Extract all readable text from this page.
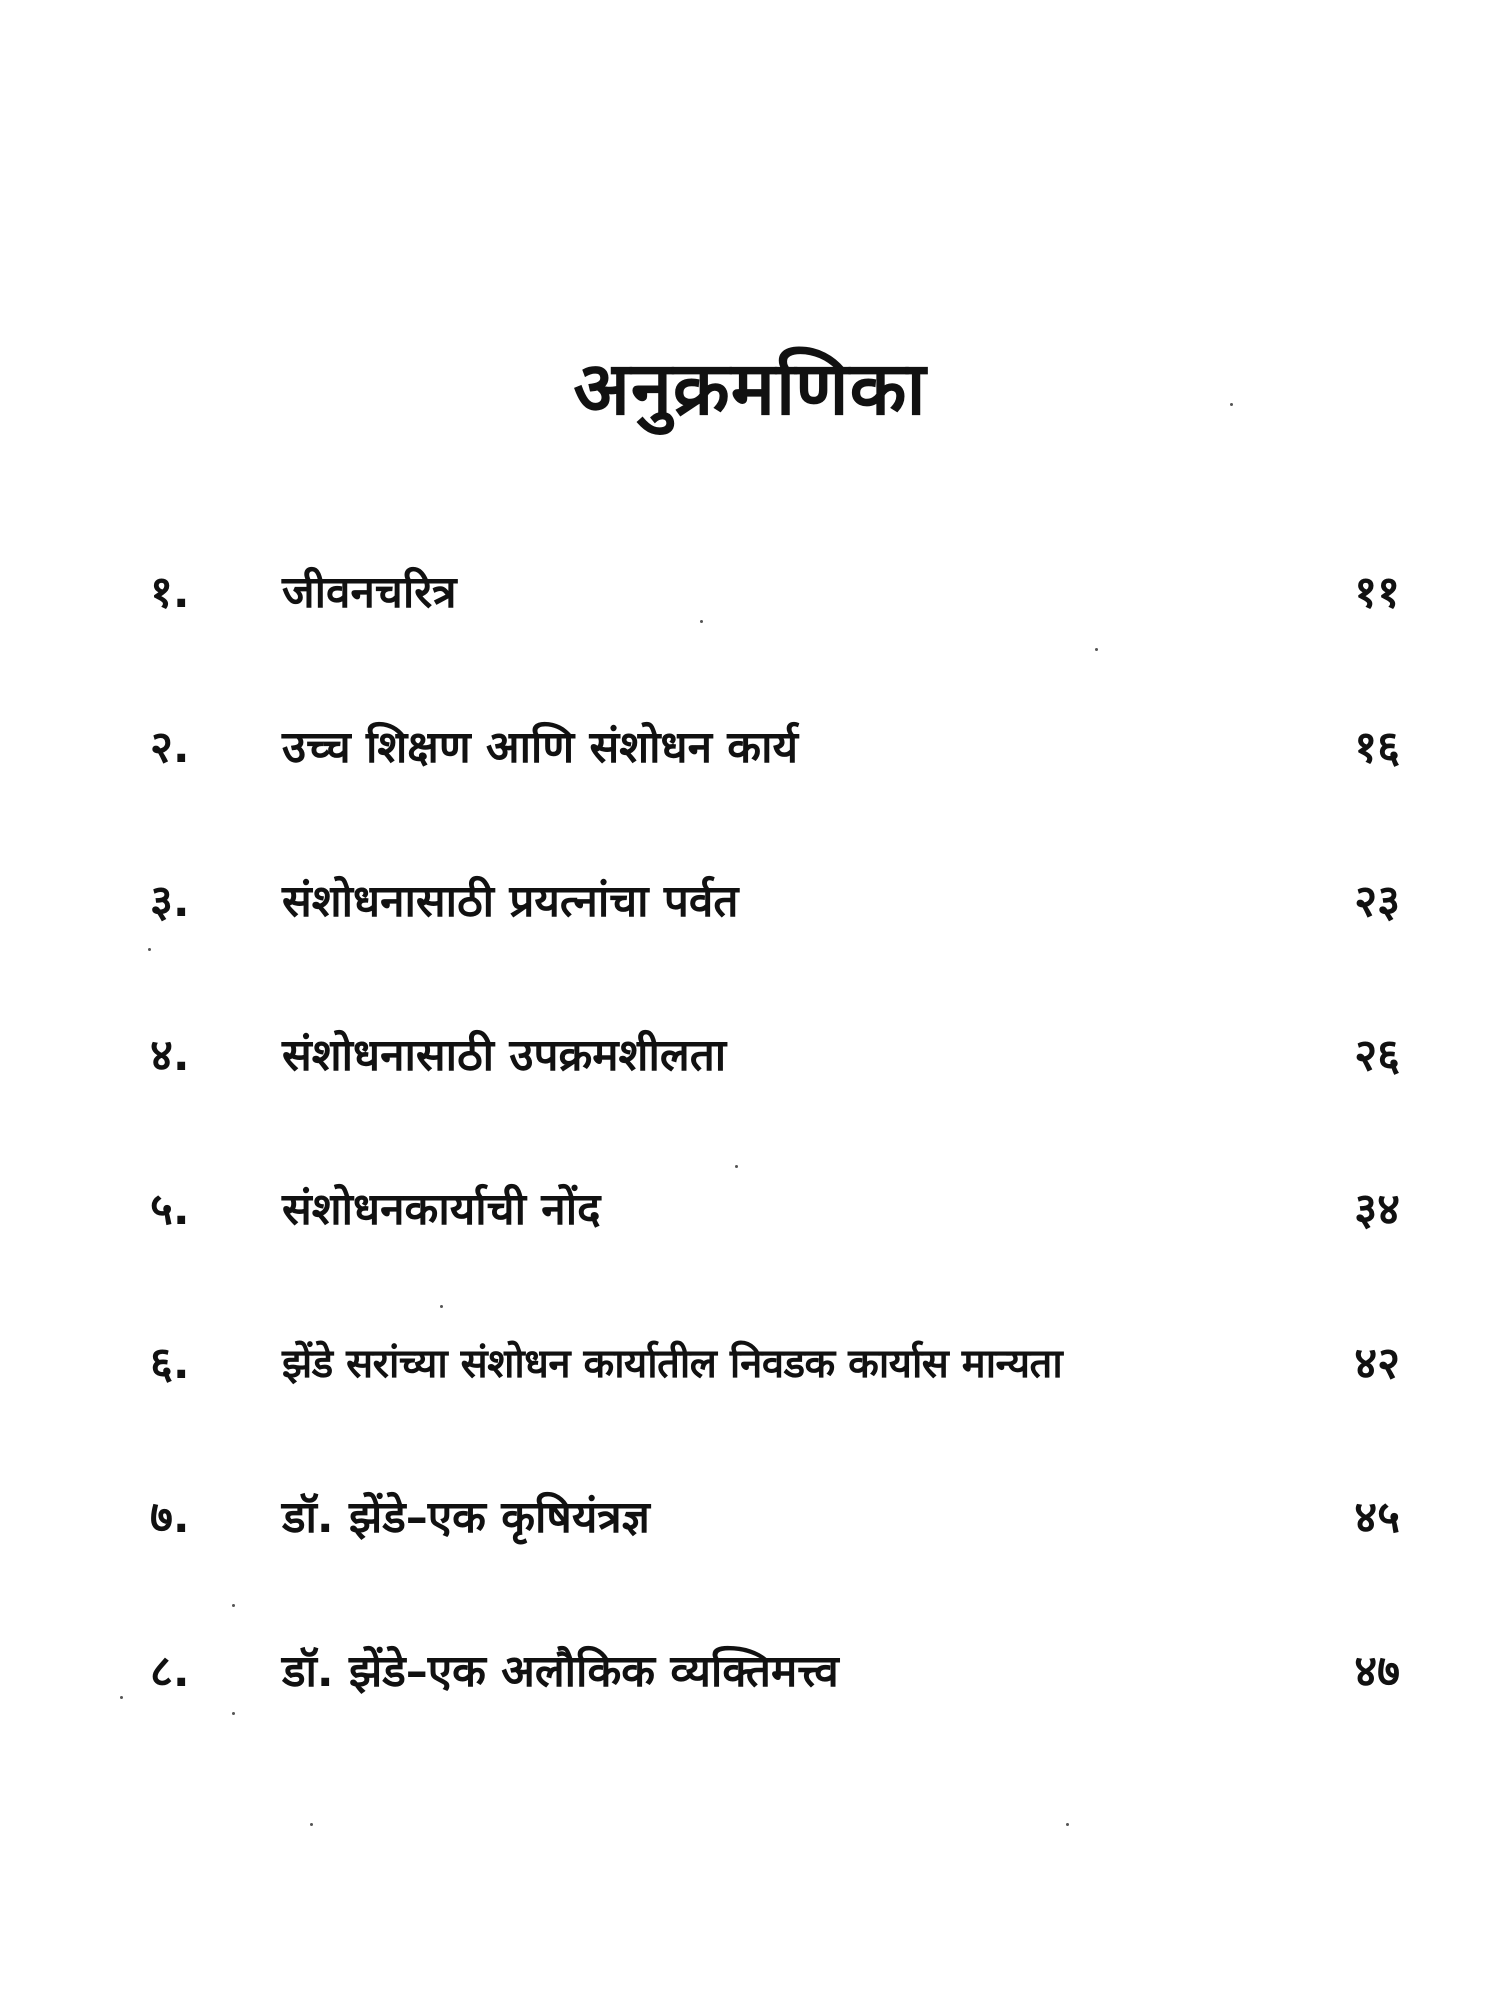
अनुक्रमणिका
१. जीवनचरित्र	११
२. उच्च शिक्षण आणि संशोधन कार्य	१६
३. संशोधनासाठी प्रयत्नांचा पर्वत	२३
४. संशोधनासाठी उपक्रमशीलता	२६
५. संशोधनकार्याची नोंद	३४
६. झेंडे सरांच्या संशोधन कार्यातील निवडक कार्यास मान्यता	४२
७. डॉ. झेंडे–एक कृषियंत्रज्ञ	४५
८. डॉ. झेंडे–एक अलौकिक व्यक्तिमत्त्व	४७
